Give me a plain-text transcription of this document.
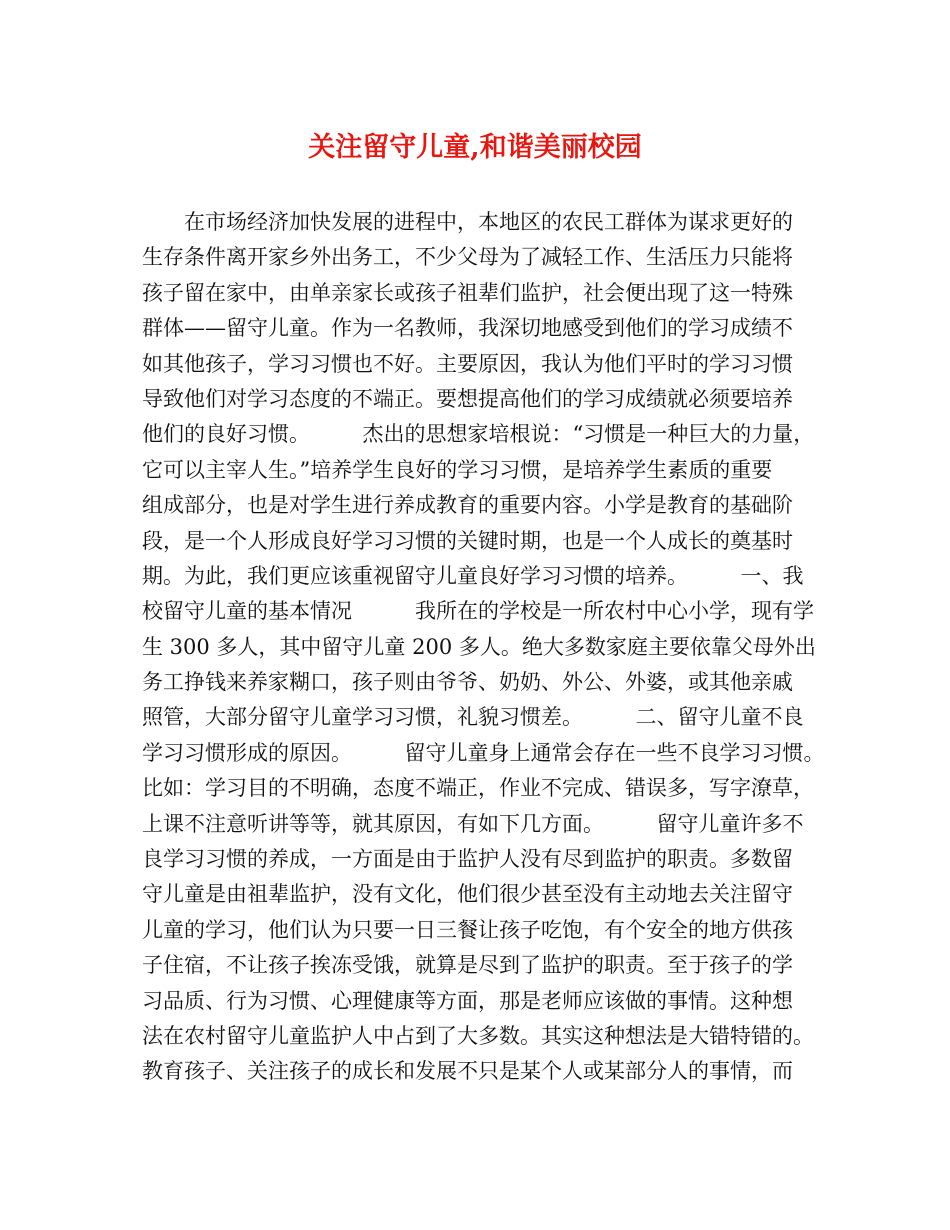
关注留守儿童,和谐美丽校园
　　在市场经济加快发展的进程中，本地区的农民工群体为谋求更好的
生存条件离开家乡外出务工，不少父母为了减轻工作、生活压力只能将
孩子留在家中，由单亲家长或孩子祖辈们监护，社会便出现了这一特殊
群体——留守儿童。作为一名教师，我深切地感受到他们的学习成绩不
如其他孩子，学习习惯也不好。主要原因，我认为他们平时的学习习惯
导致他们对学习态度的不端正。要想提高他们的学习成绩就必须要培养
他们的良好习惯。　　　杰出的思想家培根说：“习惯是一种巨大的力量，
它可以主宰人生。”培养学生良好的学习习惯，是培养学生素质的重要
组成部分，也是对学生进行养成教育的重要内容。小学是教育的基础阶
段，是一个人形成良好学习习惯的关键时期，也是一个人成长的奠基时
期。为此，我们更应该重视留守儿童良好学习习惯的培养。　　　一、我
校留守儿童的基本情况　　　我所在的学校是一所农村中心小学，现有学
生 300 多人，其中留守儿童 200 多人。绝大多数家庭主要依靠父母外出
务工挣钱来养家糊口，孩子则由爷爷、奶奶、外公、外婆，或其他亲戚
照管，大部分留守儿童学习习惯，礼貌习惯差。　　　二、留守儿童不良
学习习惯形成的原因。　　　留守儿童身上通常会存在一些不良学习习惯。
比如：学习目的不明确，态度不端正，作业不完成、错误多，写字潦草，
上课不注意听讲等等，就其原因，有如下几方面。　　　留守儿童许多不
良学习习惯的养成，一方面是由于监护人没有尽到监护的职责。多数留
守儿童是由祖辈监护，没有文化，他们很少甚至没有主动地去关注留守
儿童的学习，他们认为只要一日三餐让孩子吃饱，有个安全的地方供孩
子住宿，不让孩子挨冻受饿，就算是尽到了监护的职责。至于孩子的学
习品质、行为习惯、心理健康等方面，那是老师应该做的事情。这种想
法在农村留守儿童监护人中占到了大多数。其实这种想法是大错特错的。
教育孩子、关注孩子的成长和发展不只是某个人或某部分人的事情，而
